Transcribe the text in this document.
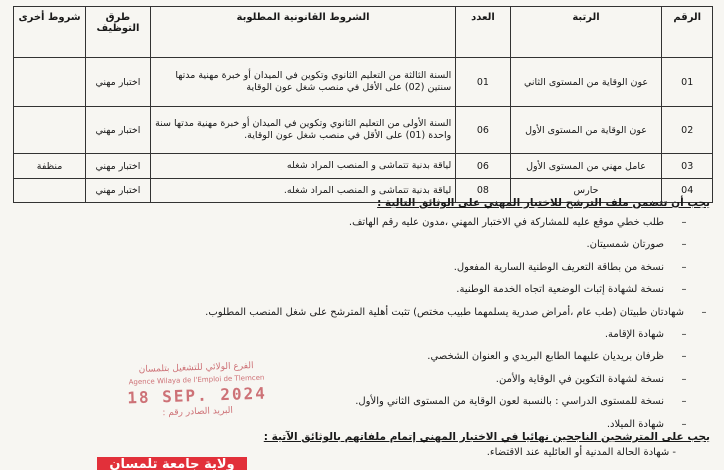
الرقم	الرتبة	العدد	الشروط القانونية المطلوبة	طرق التوظيف	شروط أخرى
01	عون الوقاية من المستوى الثاني	01	السنة الثالثة من التعليم الثانوي وتكوين في الميدان أو خبرة مهنية مدتها سنتين (02) على الأقل في منصب شغل عون الوقاية	اختبار مهني	
02	عون الوقاية من المستوى الأول	06	السنة الأولى من التعليم الثانوي وتكوين في الميدان أو خبرة مهنية مدتها سنة واحدة (01) على الأقل في منصب شغل عون الوقاية.	اختبار مهني	
03	عامل مهني من المستوى الأول	06	لياقة بدنية تتماشى و المنصب المراد شغله	اختبار مهني	منظفة
04	حارس	08	لياقة بدنية تتماشى و المنصب المراد شغله.	اختبار مهني	
يجب أن تتضمن ملف الترشح للاختبار المهني على الوثائق التالية :
–طلب خطي موقع عليه للمشاركة في الاختبار المهني ،مدون عليه رقم الهاتف.
–صورتان شمسيتان.
–نسخة من بطاقة التعريف الوطنية السارية المفعول.
–نسخة لشهادة إثبات الوضعية اتجاه الخدمة الوطنية.
–شهادتان طبيتان (طب عام ،أمراض صدرية يسلمهما طبيب مختص) تثبت أهلية المترشح على شغل المنصب المطلوب.
–شهادة الإقامة.
–ظرفان بريديان عليهما الطابع البريدي و العنوان الشخصي.
–نسخة لشهادة التكوين في الوقاية والأمن.
–نسخة للمستوى الدراسي : بالنسبة لعون الوقاية من المستوى الثاني والأول.
–شهادة الميلاد.
يجب على المترشحين الناجحين نهائيا في الاختبار المهني إتمام ملفاتهم بالوثائق الآتية :
- شهادة الحالة المدنية أو العائلية عند الاقتضاء.
الفرع الولائي للتشغيل بتلمسان
Agence Wilaya de l'Emploi de Tlemcen
18 SEP. 2024
البريد الصادر رقم :
ولاية جامعة تلمسان
